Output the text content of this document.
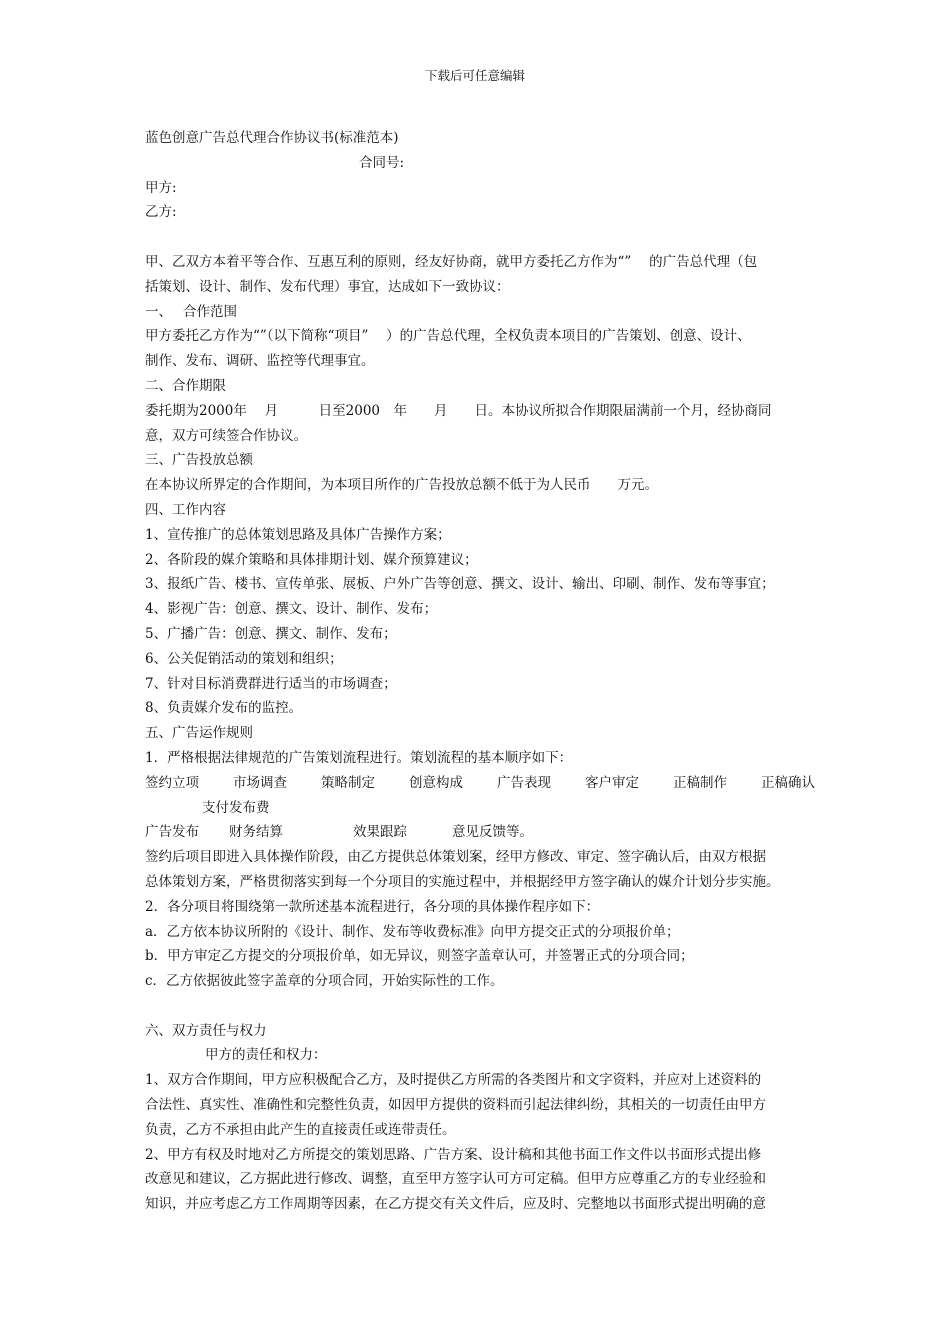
下载后可任意编辑
蓝色创意广告总代理合作协议书(标准范本)
合同号:
甲方:
乙方:
甲、乙双方本着平等合作、互惠互利的原则，经友好协商，就甲方委托乙方作为“”　 的广告总代理（包
括策划、设计、制作、发布代理）事宜，达成如下一致协议：
一、　 合作范围
甲方委托乙方作为“”（以下简称“项目”　 ）的广告总代理，全权负责本项目的广告策划、创意、设计、
制作、发布、调研、监控等代理事宜。
二、合作期限
委托期为2000年　 月　　　日至2000　年　　月　　日。本协议所拟合作期限届满前一个月，经协商同
意，双方可续签合作协议。
三、广告投放总额
在本协议所界定的合作期间，为本项目所作的广告投放总额不低于为人民币　　万元。
四、工作内容
1、宣传推广的总体策划思路及具体广告操作方案；
2、各阶段的媒介策略和具体排期计划、媒介预算建议；
3、报纸广告、楼书、宣传单张、展板、户外广告等创意、撰文、设计、输出、印刷、制作、发布等事宜；
4、影视广告：创意、撰文、设计、制作、发布；
5、广播广告：创意、撰文、制作、发布；
6、公关促销活动的策划和组织；
7、针对目标消费群进行适当的市场调查；
8、负责媒介发布的监控。
五、广告运作规则
1．严格根据法律规范的广告策划流程进行。策划流程的基本顺序如下：
签约立项	市场调查	策略制定	创意构成	广告表现	客户审定	正稿制作	正稿确认
支付发布费
广告发布 财务结算	效果跟踪	意见反馈等。
签约后项目即进入具体操作阶段，由乙方提供总体策划案，经甲方修改、审定、签字确认后，由双方根据
总体策划方案，严格贯彻落实到每一个分项目的实施过程中，并根据经甲方签字确认的媒介计划分步实施。
2．各分项目将围绕第一款所述基本流程进行，各分项的具体操作程序如下：
a．乙方依本协议所附的《设计、制作、发布等收费标准》向甲方提交正式的分项报价单；
b．甲方审定乙方提交的分项报价单，如无异议，则签字盖章认可，并签署正式的分项合同；
c．乙方依据彼此签字盖章的分项合同，开始实际性的工作。
六、双方责任与权力
甲方的责任和权力：
1、双方合作期间，甲方应积极配合乙方，及时提供乙方所需的各类图片和文字资料，并应对上述资料的
合法性、真实性、准确性和完整性负责，如因甲方提供的资料而引起法律纠纷，其相关的一切责任由甲方
负责，乙方不承担由此产生的直接责任或连带责任。
2、甲方有权及时地对乙方所提交的策划思路、广告方案、设计稿和其他书面工作文件以书面形式提出修
改意见和建议，乙方据此进行修改、调整，直至甲方签字认可方可定稿。但甲方应尊重乙方的专业经验和
知识，并应考虑乙方工作周期等因素，在乙方提交有关文件后，应及时、完整地以书面形式提出明确的意
